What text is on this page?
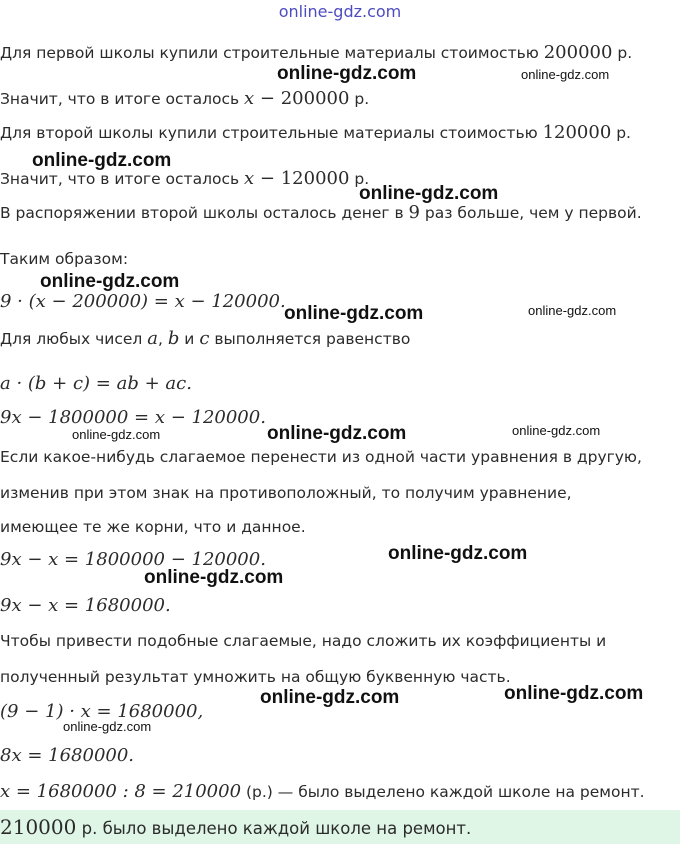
online-gdz.com
Для первой школы купили строительные материалы стоимостью 200000 р.
Значит, что в итоге осталось x − 200000 р.
Для второй школы купили строительные материалы стоимостью 120000 р.
Значит, что в итоге осталось x − 120000 р.
В распоряжении второй школы осталось денег в 9 раз больше, чем у первой.
Таким образом:
9 · (x − 200000) = x − 120000.
Для любых чисел a, b и c выполняется равенство
a · (b + c) = ab + ac.
9x − 1800000 = x − 120000.
Если какое-нибудь слагаемое перенести из одной части уравнения в другую,
изменив при этом знак на противоположный, то получим уравнение,
имеющее те же корни, что и данное.
9x − x = 1800000 − 120000.
9x − x = 1680000.
Чтобы привести подобные слагаемые, надо сложить их коэффициенты и
полученный результат умножить на общую буквенную часть.
(9 − 1) · x = 1680000,
8x = 1680000.
x = 1680000 : 8 = 210000 (р.) — было выделено каждой школе на ремонт.
210000 р. было выделено каждой школе на ремонт.
online-gdz.com	online-gdz.com
online-gdz.com
online-gdz.com
online-gdz.com
online-gdz.com	online-gdz.com
online-gdz.com	online-gdz.com	online-gdz.com
online-gdz.com
online-gdz.com
online-gdz.com	online-gdz.com
online-gdz.com
